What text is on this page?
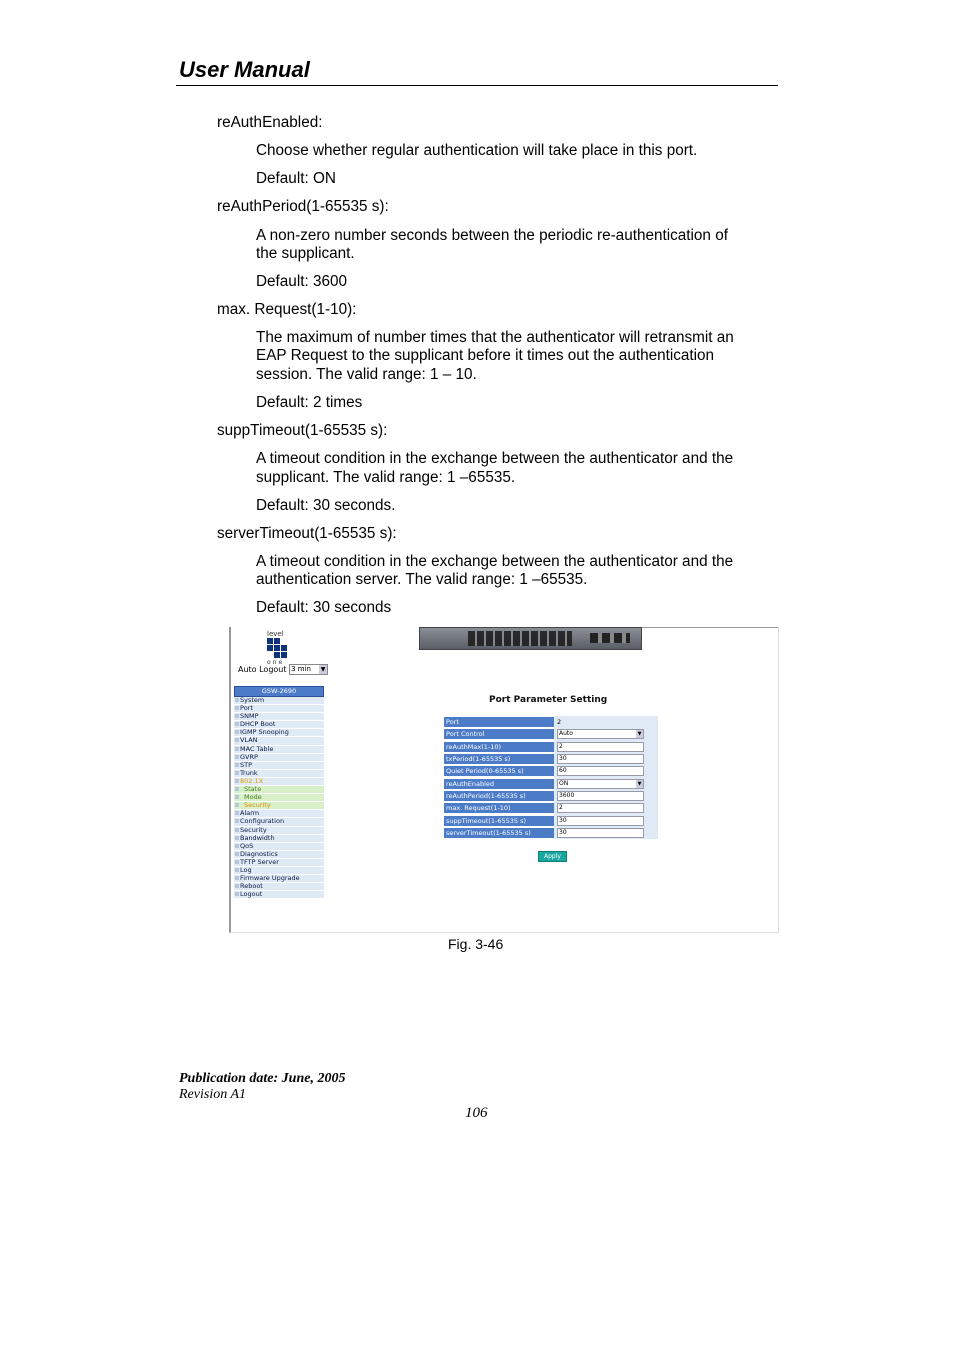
User Manual
reAuthEnabled:
Choose whether regular authentication will take place in this port.
Default: ON
reAuthPeriod(1-65535 s):
A non-zero number seconds between the periodic re-authentication of
the supplicant.
Default: 3600
max. Request(1-10):
The maximum of number times that the authenticator will retransmit an
EAP Request to the supplicant before it times out the authentication
session. The valid range: 1 – 10.
Default: 2 times
suppTimeout(1-65535 s):
A timeout condition in the exchange between the authenticator and the
supplicant. The valid range: 1 –65535.
Default: 30 seconds.
serverTimeout(1-65535 s):
A timeout condition in the exchange between the authenticator and the
authentication server. The valid range: 1 –65535.
Default: 30 seconds
level
one
Auto Logout 3 min ▼
GSW-2690
System
Port
SNMP
DHCP Boot
IGMP Snooping
VLAN
MAC Table
GVRP
STP
Trunk
802.1X
State
Mode
Security
Alarm
Configuration
Security
Bandwidth
QoS
Diagnostics
TFTP Server
Log
Firmware Upgrade
Reboot
Logout
Port Parameter Setting
Port	2
Port Control	Auto	▼
reAuthMax(1-10)	2
txPeriod(1-65535 s)	30
Quiet Period(0-65535 s)	60
reAuthEnabled	ON	▼
reAuthPeriod(1-65535 s)	3600
max. Request(1-10)	2
suppTimeout(1-65535 s)	30
serverTimeout(1-65535 s)	30
Apply
Fig. 3-46
Publication date: June, 2005
Revision A1
106
